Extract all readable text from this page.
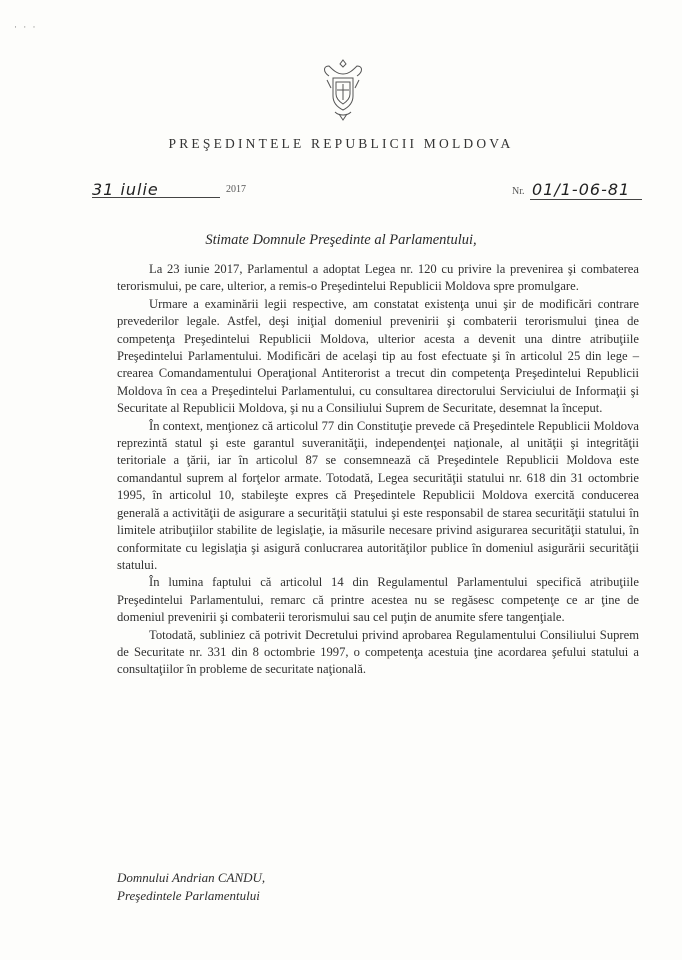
· · ·
PREŞEDINTELE REPUBLICII MOLDOVA
31 iulie	2017	Nr. 01/1-06-81
Stimate Domnule Preşedinte al Parlamentului,

La 23 iunie 2017, Parlamentul a adoptat Legea nr. 120 cu privire la prevenirea şi combaterea terorismului, pe care, ulterior, a remis-o Preşedintelui Republicii Moldova spre promulgare.

Urmare a examinării legii respective, am constatat existenţa unui şir de modificări contrare prevederilor legale. Astfel, deşi iniţial domeniul prevenirii şi combaterii terorismului ţinea de competenţa Preşedintelui Republicii Moldova, ulterior acesta a devenit una dintre atribuţiile Preşedintelui Parlamentului. Modificări de acelaşi tip au fost efectuate şi în articolul 25 din lege – crearea Comandamentului Operaţional Antiterorist a trecut din competenţa Preşedintelui Republicii Moldova în cea a Preşedintelui Parlamentului, cu consultarea directorului Serviciului de Informaţii şi Securitate al Republicii Moldova, şi nu a Consiliului Suprem de Securitate, desemnat la început.

În context, menţionez că articolul 77 din Constituţie prevede că Preşedintele Republicii Moldova reprezintă statul şi este garantul suveranităţii, independenţei naţionale, al unităţii şi integrităţii teritoriale a ţării, iar în articolul 87 se consemnează că Preşedintele Republicii Moldova este comandantul suprem al forţelor armate. Totodată, Legea securităţii statului nr. 618 din 31 octombrie 1995, în articolul 10, stabileşte expres că Preşedintele Republicii Moldova exercită conducerea generală a activităţii de asigurare a securităţii statului şi este responsabil de starea securităţii statului în limitele atribuţiilor stabilite de legislaţie, ia măsurile necesare privind asigurarea securităţii statului, în conformitate cu legislaţia şi asigură conlucrarea autorităţilor publice în domeniul asigurării securităţii statului.

În lumina faptului că articolul 14 din Regulamentul Parlamentului specifică atribuţiile Preşedintelui Parlamentului, remarc că printre acestea nu se regăsesc competenţe ce ar ţine de domeniul prevenirii şi combaterii terorismului sau cel puţin de anumite sfere tangenţiale.

Totodată, subliniez că potrivit Decretului privind aprobarea Regulamentului Consiliului Suprem de Securitate nr. 331 din 8 octombrie 1997, o competenţa acestuia ţine acordarea şefului statului a consultaţiilor în probleme de securitate naţională.

Domnului Andrian CANDU,
Preşedintele Parlamentului
